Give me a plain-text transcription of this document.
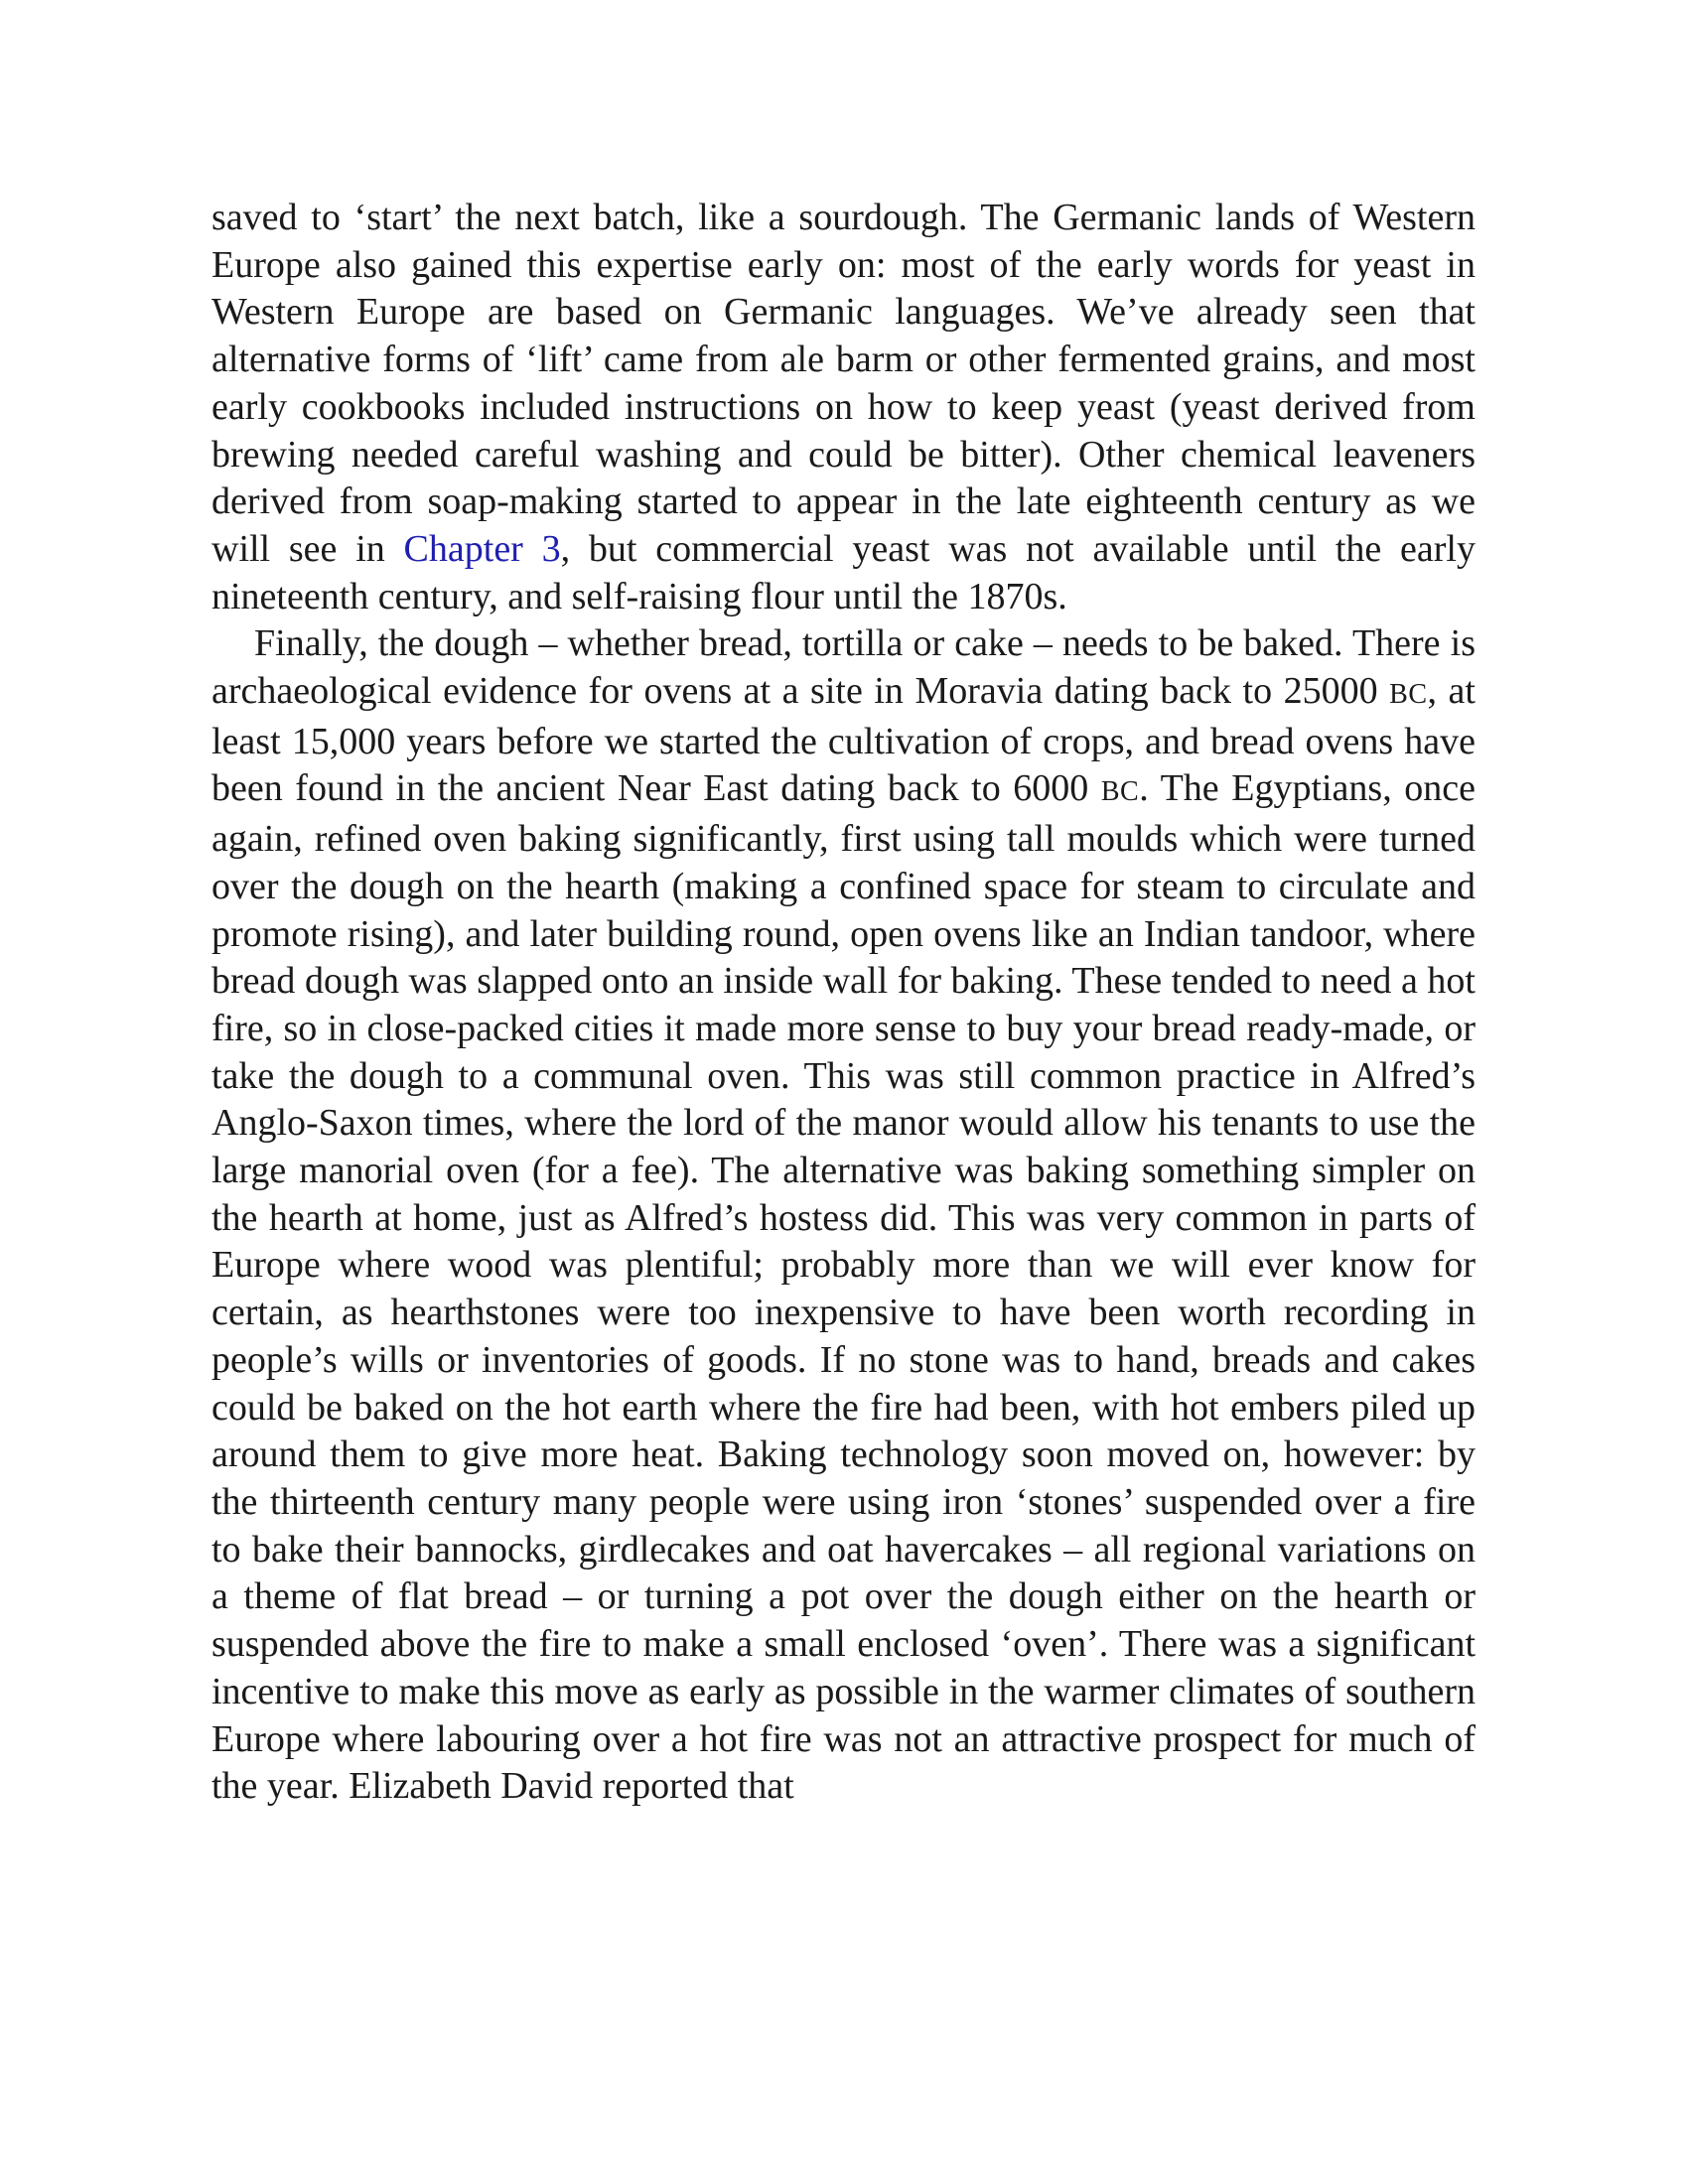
saved to ‘start’ the next batch, like a sourdough. The Germanic lands of Western Europe also gained this expertise early on: most of the early words for yeast in Western Europe are based on Germanic languages. We’ve already seen that alternative forms of ‘lift’ came from ale barm or other fermented grains, and most early cookbooks included instructions on how to keep yeast (yeast derived from brewing needed careful washing and could be bitter). Other chemical leaveners derived from soap-making started to appear in the late eighteenth century as we will see in Chapter 3, but commercial yeast was not available until the early nineteenth century, and self-raising flour until the 1870s.

Finally, the dough – whether bread, tortilla or cake – needs to be baked. There is archaeological evidence for ovens at a site in Moravia dating back to 25000 BC, at least 15,000 years before we started the cultivation of crops, and bread ovens have been found in the ancient Near East dating back to 6000 BC. The Egyptians, once again, refined oven baking significantly, first using tall moulds which were turned over the dough on the hearth (making a confined space for steam to circulate and promote rising), and later building round, open ovens like an Indian tandoor, where bread dough was slapped onto an inside wall for baking. These tended to need a hot fire, so in close-packed cities it made more sense to buy your bread ready-made, or take the dough to a communal oven. This was still common practice in Alfred’s Anglo-Saxon times, where the lord of the manor would allow his tenants to use the large manorial oven (for a fee). The alternative was baking something simpler on the hearth at home, just as Alfred’s hostess did. This was very common in parts of Europe where wood was plentiful; probably more than we will ever know for certain, as hearthstones were too inexpensive to have been worth recording in people’s wills or inventories of goods. If no stone was to hand, breads and cakes could be baked on the hot earth where the fire had been, with hot embers piled up around them to give more heat. Baking technology soon moved on, however: by the thirteenth century many people were using iron ‘stones’ suspended over a fire to bake their bannocks, girdlecakes and oat havercakes – all regional variations on a theme of flat bread – or turning a pot over the dough either on the hearth or suspended above the fire to make a small enclosed ‘oven’. There was a significant incentive to make this move as early as possible in the warmer climates of southern Europe where labouring over a hot fire was not an attractive prospect for much of the year. Elizabeth David reported that
